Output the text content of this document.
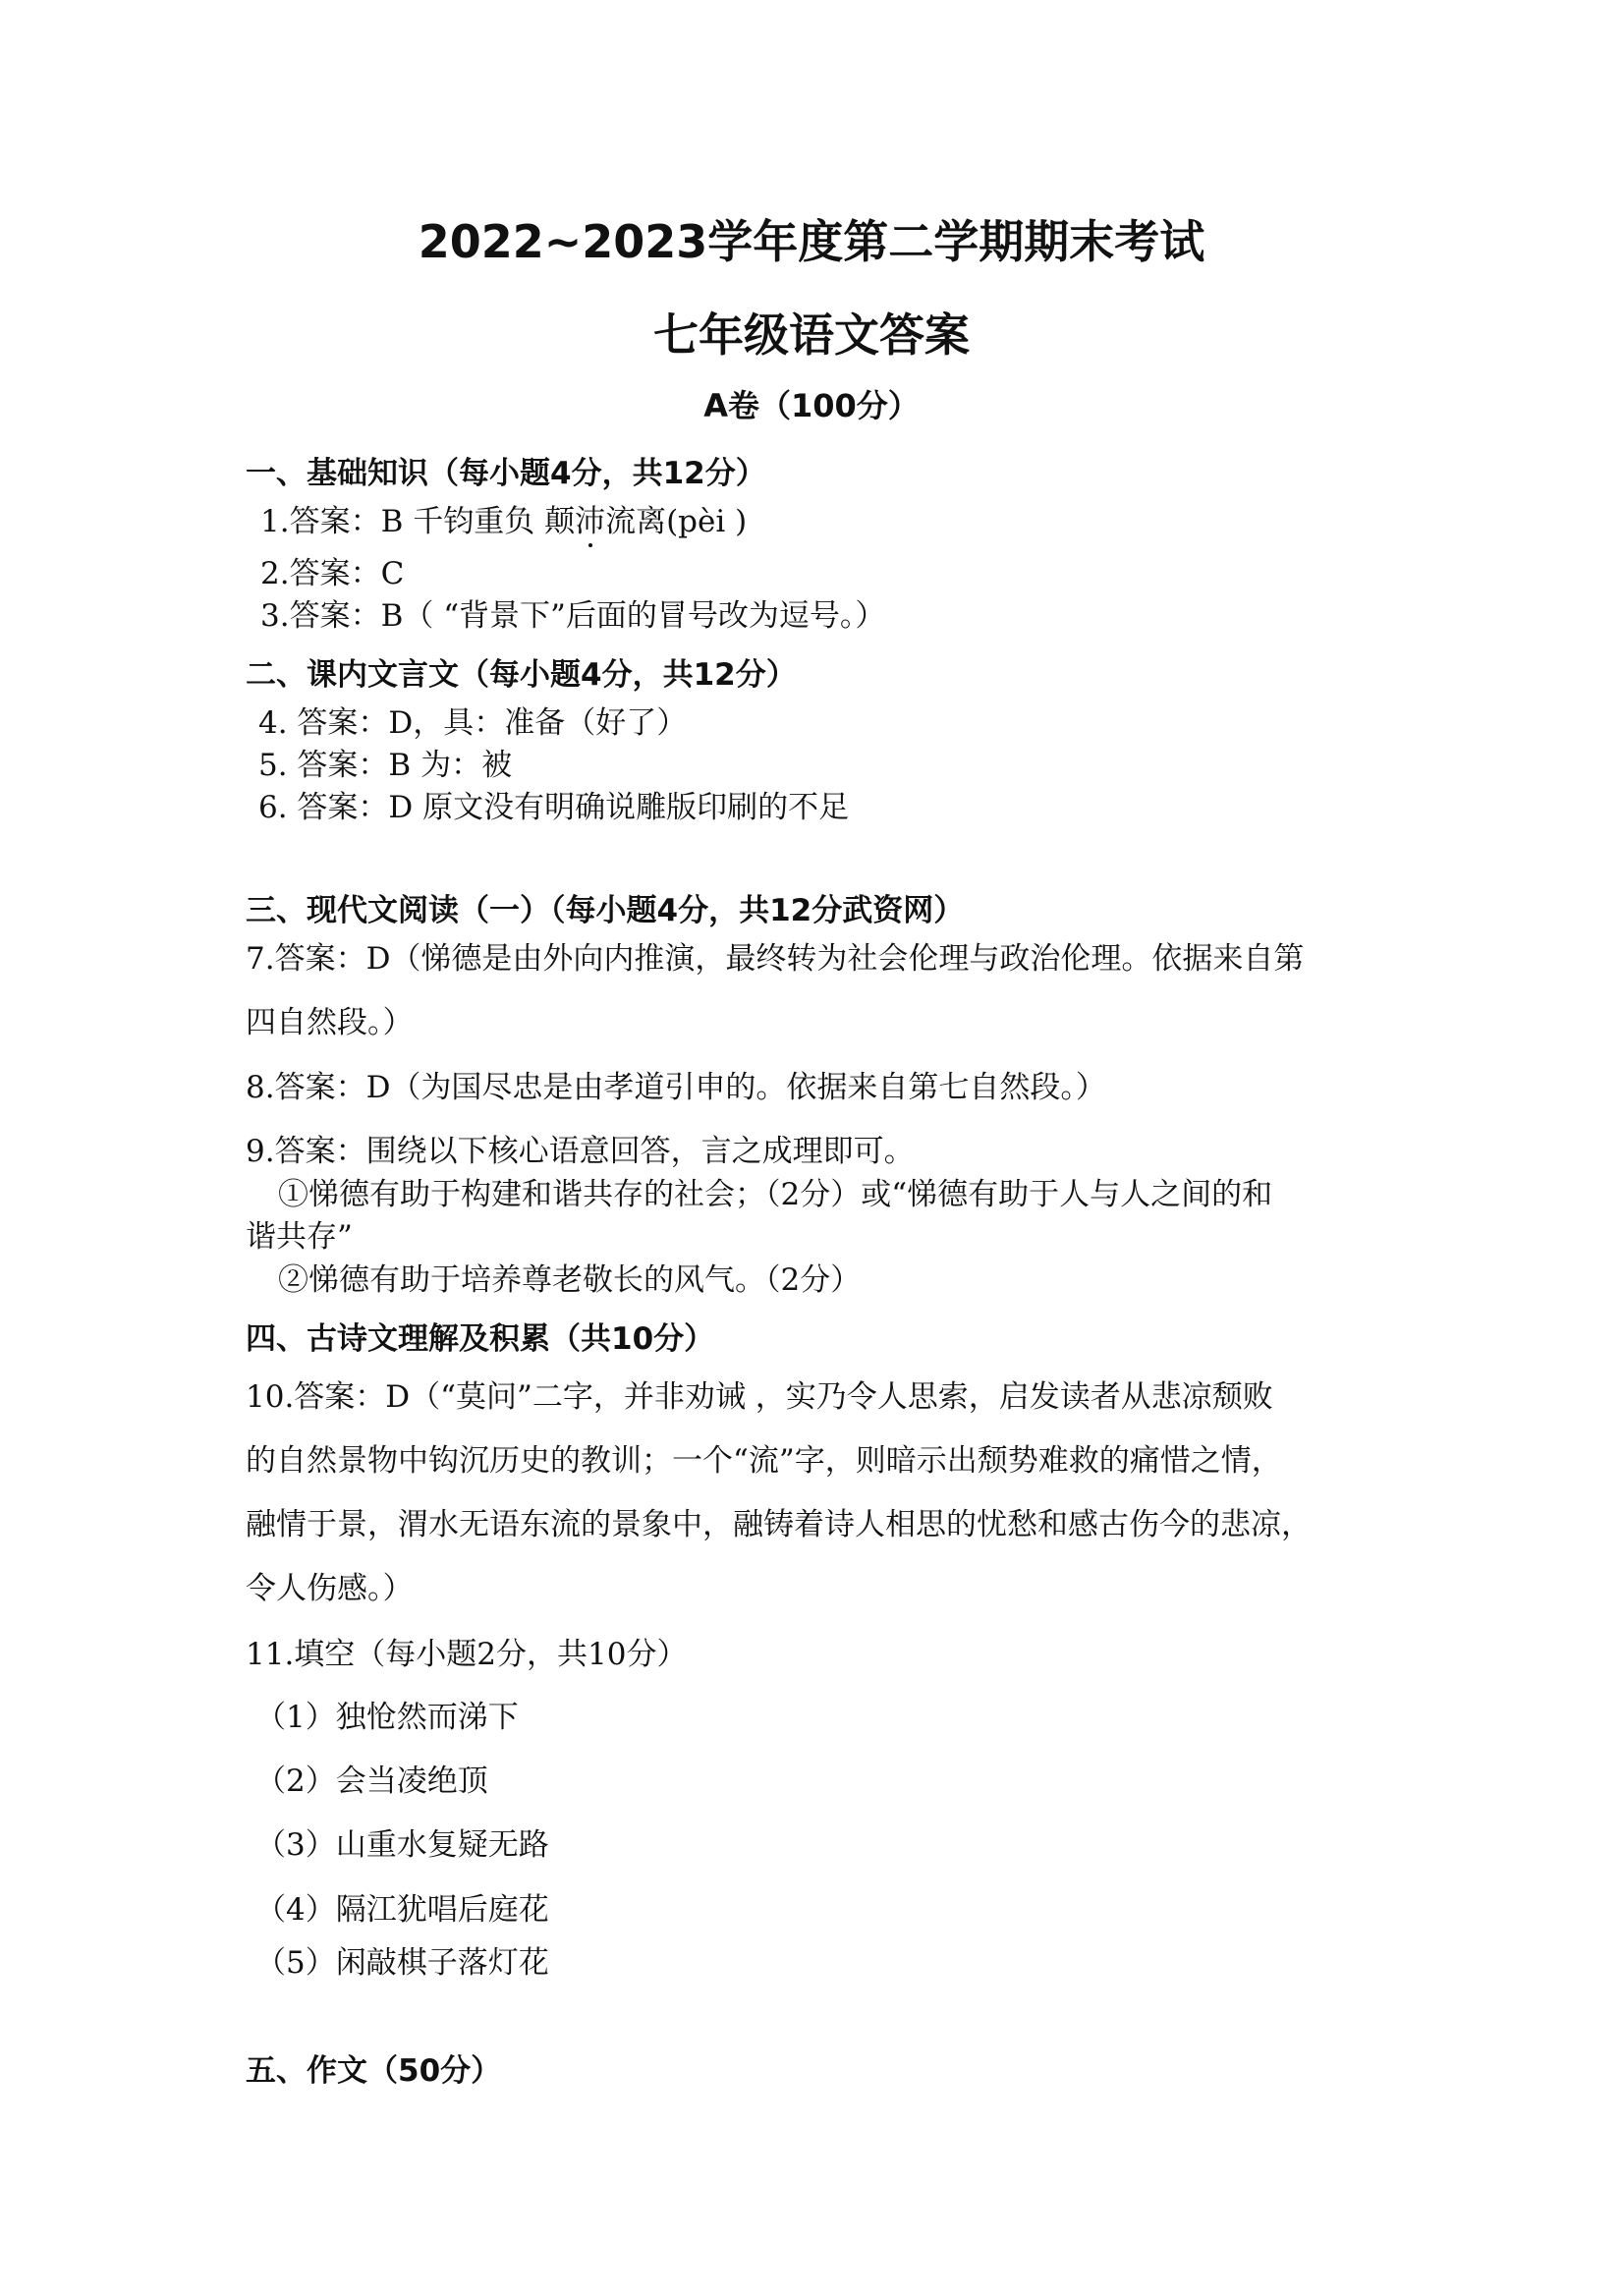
2022~2023学年度第二学期期末考试
七年级语文答案
A卷（100分）
一、基础知识（每小题4分，共12分）
1.答案：B 千钧重负 颠沛流离(pèi )
2.答案：C
3.答案：B（ “背景下”后面的冒号改为逗号。）
二、课内文言文（每小题4分，共12分）
4. 答案：D，具：准备（好了）
5. 答案：B 为：被
6. 答案：D 原文没有明确说雕版印刷的不足
三、现代文阅读（一）（每小题4分，共12分武资网）
7.答案：D（悌德是由外向内推演，最终转为社会伦理与政治伦理。依据来自第
四自然段。）
8.答案：D（为国尽忠是由孝道引申的。依据来自第七自然段。）
9.答案：围绕以下核心语意回答，言之成理即可。
①悌德有助于构建和谐共存的社会；（2分）或“悌德有助于人与人之间的和
谐共存”
②悌德有助于培养尊老敬长的风气。（2分）
四、古诗文理解及积累（共10分）
10.答案：D（“莫问”二字，并非劝诫 ，实乃令人思索，启发读者从悲凉颓败
的自然景物中钩沉历史的教训；一个“流”字，则暗示出颓势难救的痛惜之情，
融情于景，渭水无语东流的景象中，融铸着诗人相思的忧愁和感古伤今的悲凉，
令人伤感。）
11.填空（每小题2分，共10分）
（1）独怆然而涕下
（2）会当凌绝顶
（3）山重水复疑无路
（4）隔江犹唱后庭花
（5）闲敲棋子落灯花
五、作文（50分）
